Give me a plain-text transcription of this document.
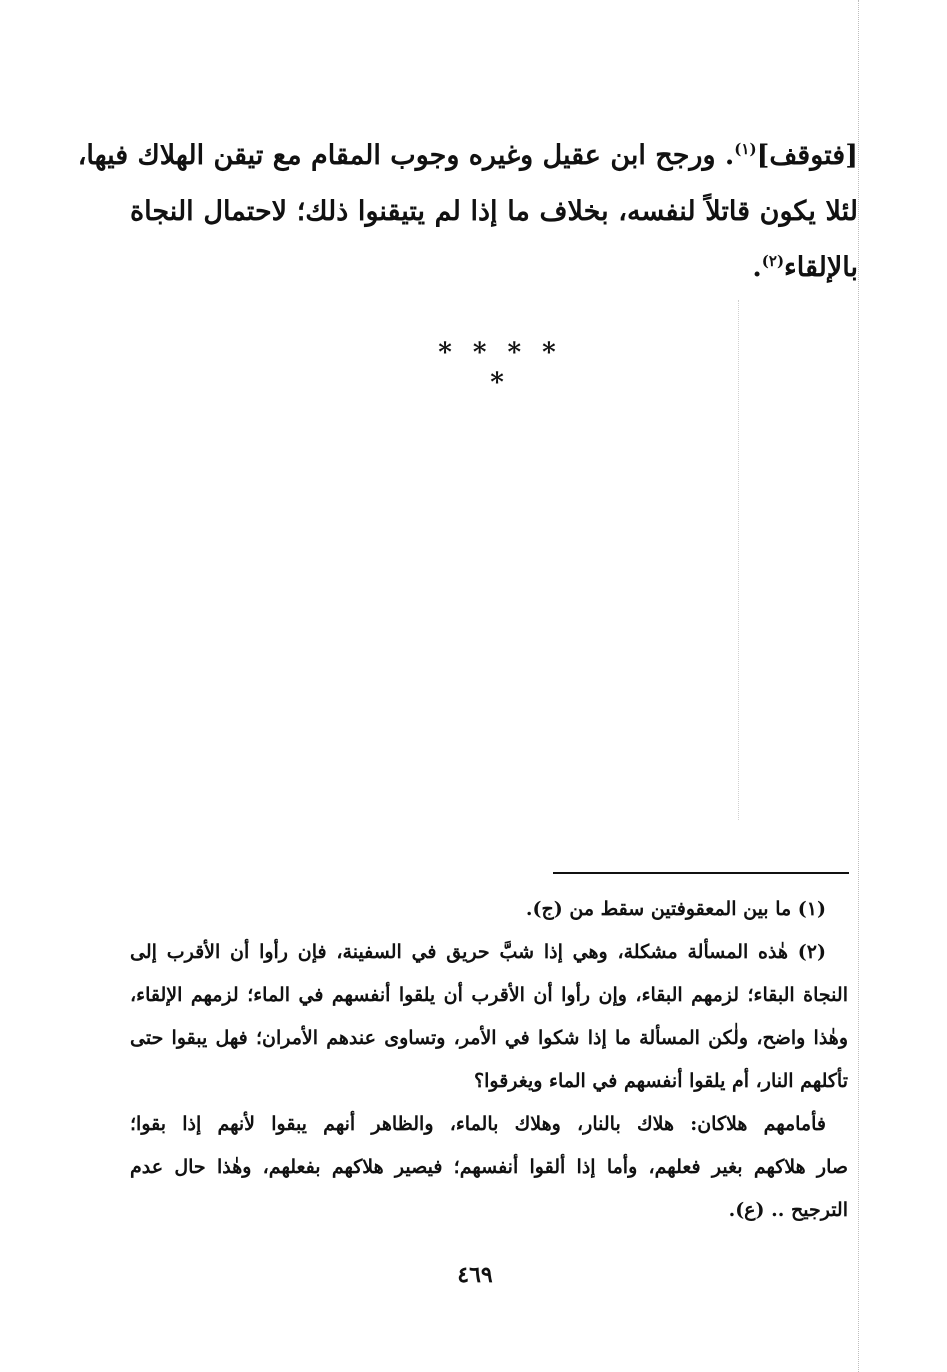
[فتوقف]$^{(١)}$. ورجح ابن عقيل وغيره وجوب المقام مع تيقن الهلاك فيها،
لئلا يكون قاتلاً لنفسه، بخلاف ما إذا لم يتيقنوا ذلك؛ لاحتمال النجاة
بالإلقاء$^{(٢)}$.
* * * * *
(١) ما بين المعقوفتين سقط من (ج).
(٢) هٰذه المسألة مشكلة، وهي إذا شبَّ حريق في السفينة، فإن رأوا أن الأقرب إلى
النجاة البقاء؛ لزمهم البقاء، وإن رأوا أن الأقرب أن يلقوا أنفسهم في الماء؛ لزمهم الإلقاء،
وهٰذا واضح، ولٰكن المسألة ما إذا شكوا في الأمر، وتساوى عندهم الأمران؛ فهل يبقوا حتى
تأكلهم النار، أم يلقوا أنفسهم في الماء ويغرقوا؟
فأمامهم هلاكان: هلاك بالنار، وهلاك بالماء، والظاهر أنهم يبقوا لأنهم إذا بقوا؛
صار هلاكهم بغير فعلهم، وأما إذا ألقوا أنفسهم؛ فيصير هلاكهم بفعلهم، وهٰذا حال عدم
الترجيح .. (ع).
٤٦٩
